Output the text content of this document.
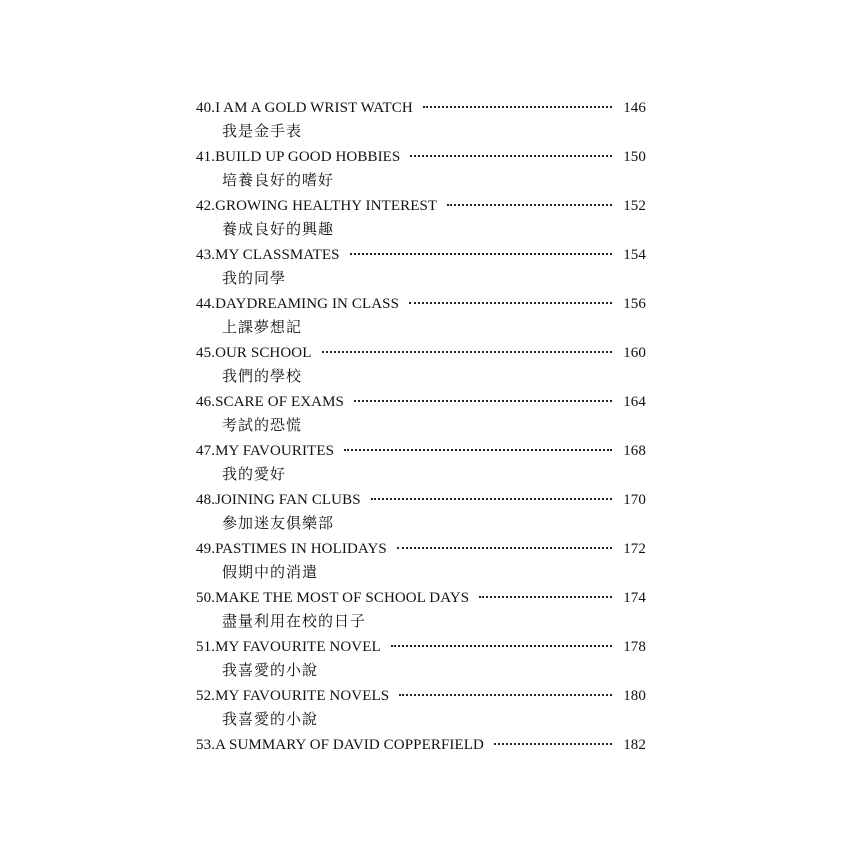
40. I AM A GOLD WRIST WATCH	146
我是金手表
41. BUILD UP GOOD HOBBIES	150
培養良好的嗜好
42. GROWING HEALTHY INTEREST	152
養成良好的興趣
43. MY CLASSMATES	154
我的同學
44. DAYDREAMING IN CLASS	156
上課夢想記
45. OUR SCHOOL	160
我們的學校
46. SCARE OF EXAMS	164
考試的恐慌
47. MY FAVOURITES	168
我的愛好
48. JOINING FAN CLUBS	170
參加迷友俱樂部
49. PASTIMES IN HOLIDAYS	172
假期中的消遣
50. MAKE THE MOST OF SCHOOL DAYS	174
盡量利用在校的日子
51. MY FAVOURITE NOVEL	178
我喜愛的小說
52. MY FAVOURITE NOVELS	180
我喜愛的小說
53. A SUMMARY OF DAVID COPPERFIELD	182
